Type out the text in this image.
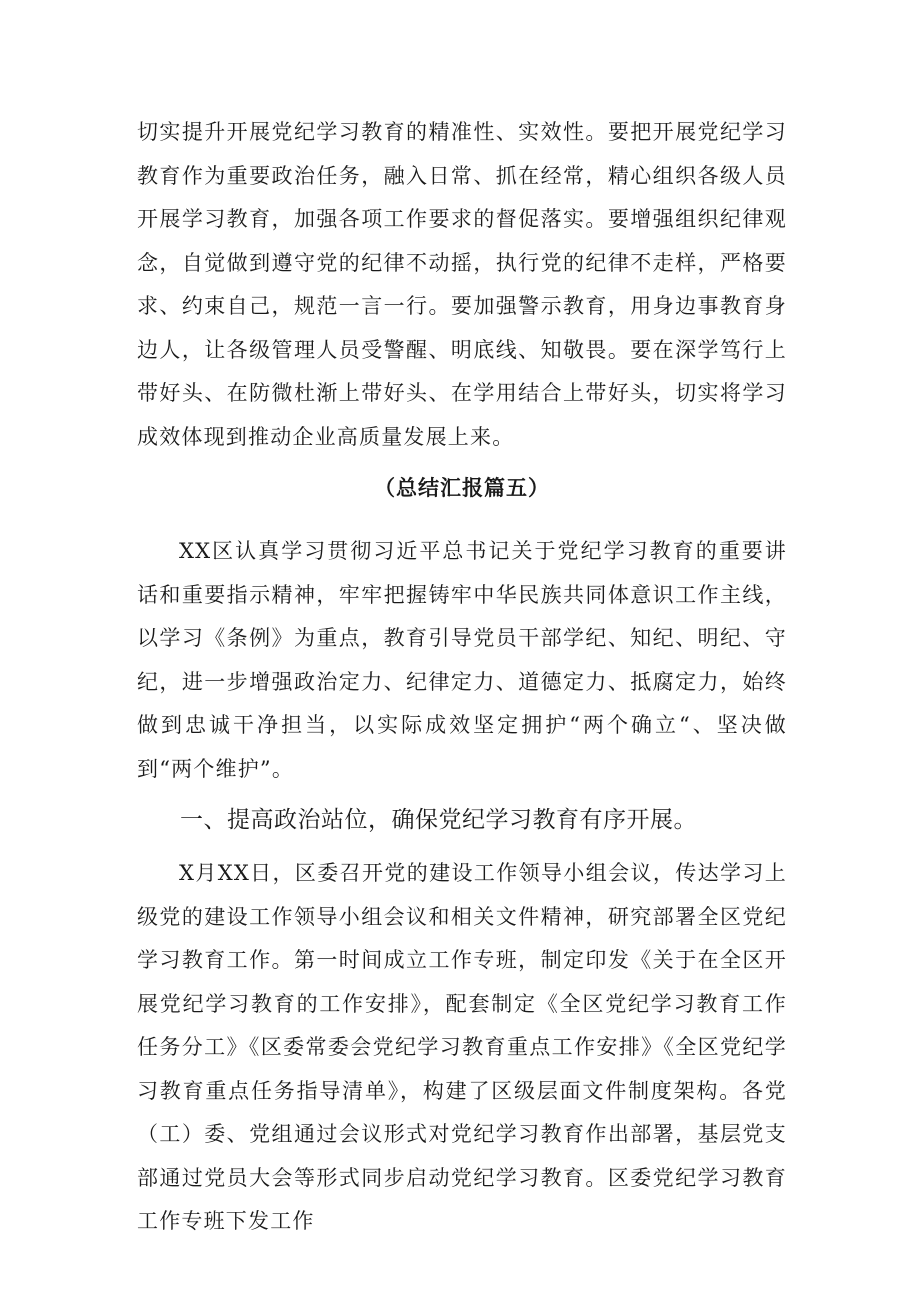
切实提升开展党纪学习教育的精准性、实效性。要把开展党纪学习教育作为重要政治任务，融入日常、抓在经常，精心组织各级人员开展学习教育，加强各项工作要求的督促落实。要增强组织纪律观念，自觉做到遵守党的纪律不动摇，执行党的纪律不走样，严格要求、约束自己，规范一言一行。要加强警示教育，用身边事教育身边人，让各级管理人员受警醒、明底线、知敬畏。要在深学笃行上带好头、在防微杜渐上带好头、在学用结合上带好头，切实将学习成效体现到推动企业高质量发展上来。

（总结汇报篇五）

XX区认真学习贯彻习近平总书记关于党纪学习教育的重要讲话和重要指示精神，牢牢把握铸牢中华民族共同体意识工作主线，以学习《条例》为重点，教育引导党员干部学纪、知纪、明纪、守纪，进一步增强政治定力、纪律定力、道德定力、抵腐定力，始终做到忠诚干净担当，以实际成效坚定拥护“两个确立“、坚决做到“两个维护”。

一、提高政治站位，确保党纪学习教育有序开展。

X月XX日，区委召开党的建设工作领导小组会议，传达学习上级党的建设工作领导小组会议和相关文件精神，研究部署全区党纪学习教育工作。第一时间成立工作专班，制定印发《关于在全区开展党纪学习教育的工作安排》，配套制定《全区党纪学习教育工作任务分工》《区委常委会党纪学习教育重点工作安排》《全区党纪学习教育重点任务指导清单》，构建了区级层面文件制度架构。各党（工）委、党组通过会议形式对党纪学习教育作出部署，基层党支部通过党员大会等形式同步启动党纪学习教育。区委党纪学习教育工作专班下发工作
